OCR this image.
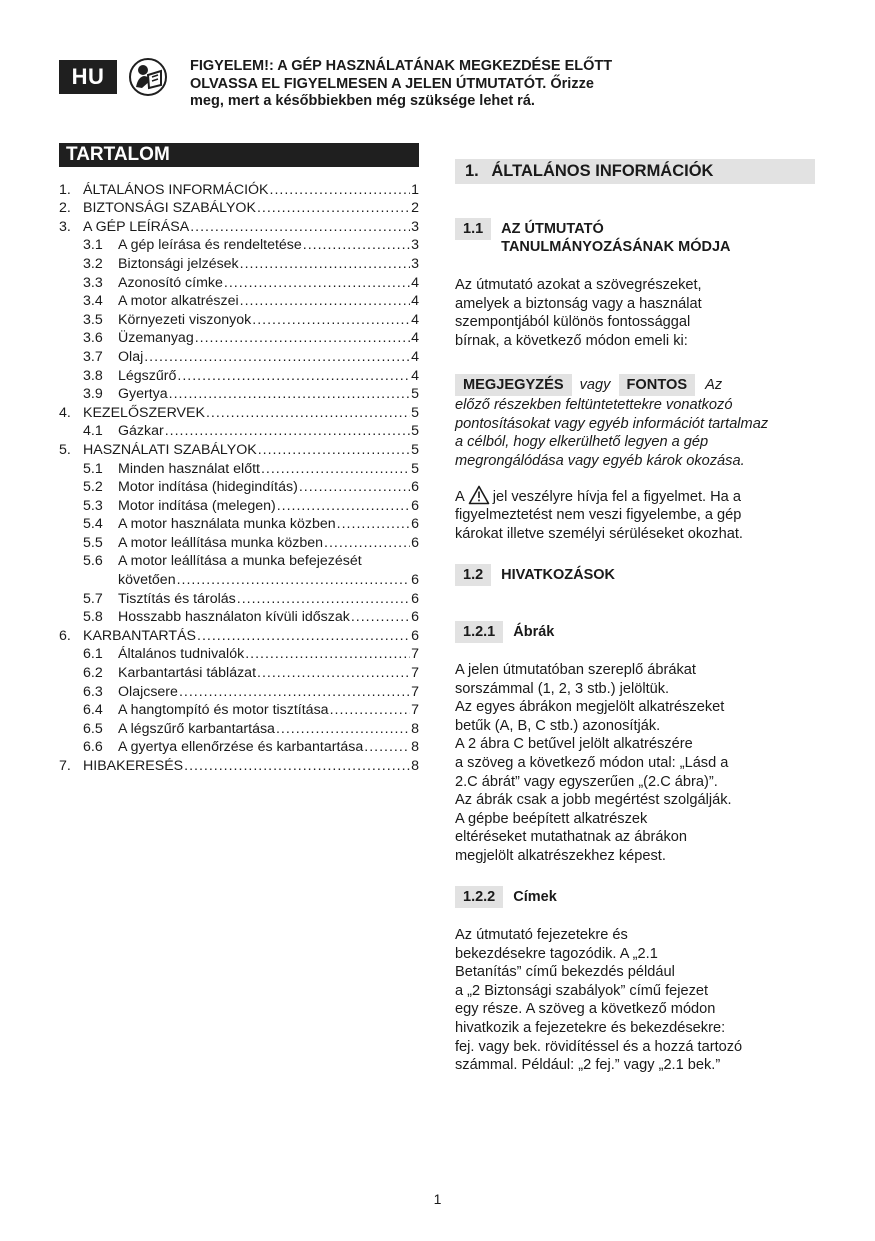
HU	FIGYELEM!: A GÉP HASZNÁLATÁNAK MEGKEZDÉSE ELŐTT
OLVASSA EL FIGYELMESEN A JELEN ÚTMUTATÓT. Őrizze
meg, mert a későbbiekben még szüksége lehet rá.
TARTALOM
1. ÁLTALÁNOS INFORMÁCIÓK .....	1
2. BIZTONSÁGI SZABÁLYOK .....	2
3. A GÉP LEÍRÁSA .....	3
3.1	A gép leírása és rendeltetése .....	3
3.2	Biztonsági jelzések .....	3
3.3	Azonosító címke .....	4
3.4	A motor alkatrészei .....	4
3.5	Környezeti viszonyok .....	4
3.6	Üzemanyag .....	4
3.7	Olaj .....	4
3.8	Légszűrő .....	4
3.9	Gyertya .....	5
4. KEZELŐSZERVEK .....	5
4.1	Gázkar .....	5
5. HASZNÁLATI SZABÁLYOK .....	5
5.1	Minden használat előtt .....	5
5.2	Motor indítása (hidegindítás) .....	6
5.3	Motor indítása (melegen) .....	6
5.4	A motor használata munka közben .....	6
5.5	A motor leállítása munka közben .....	6
5.6	A motor leállítása a munka befejezését
követően .....	6
5.7	Tisztítás és tárolás .....	6
5.8	Hosszabb használaton kívüli időszak .....	6
6. KARBANTARTÁS .....	6
6.1	Általános tudnivalók .....	7
6.2	Karbantartási táblázat .....	7
6.3	Olajcsere .....	7
6.4	A hangtompító és motor tisztítása .....	7
6.5	A légszűrő karbantartása .....	8
6.6	A gyertya ellenőrzése és karbantartása .....	8
7. HIBAKERESÉS .....	8
1. ÁLTALÁNOS INFORMÁCIÓK
1.1	AZ ÚTMUTATÓ
TANULMÁNYOZÁSÁNAK MÓDJA
Az útmutató azokat a szövegrészeket,
amelyek a biztonság vagy a használat
szempontjából különös fontossággal
bírnak, a következő módon emeli ki:
MEGJEGYZÉS vagy FONTOS Az
előző részekben feltüntetettekre vonatkozó
pontosításokat vagy egyéb információt tartalmaz
a célból, hogy elkerülhető legyen a gép
megrongálódása vagy egyéb károk okozása.
A jel veszélyre hívja fel a figyelmet. Ha a
figyelmeztetést nem veszi figyelembe, a gép
károkat illetve személyi sérüléseket okozhat.
1.2 HIVATKOZÁSOK
1.2.1 Ábrák
A jelen útmutatóban szereplő ábrákat
sorszámmal (1, 2, 3 stb.) jelöltük.
Az egyes ábrákon megjelölt alkatrészeket
betűk (A, B, C stb.) azonosítják.
A 2 ábra C betűvel jelölt alkatrészére
a szöveg a következő módon utal: „Lásd a
2.C ábrát” vagy egyszerűen „(2.C ábra)”.
Az ábrák csak a jobb megértést szolgálják.
A gépbe beépített alkatrészek
eltéréseket mutathatnak az ábrákon
megjelölt alkatrészekhez képest.
1.2.2 Címek
Az útmutató fejezetekre és
bekezdésekre tagozódik. A „2.1
Betanítás” című bekezdés például
a „2 Biztonsági szabályok” című fejezet
egy része. A szöveg a következő módon
hivatkozik a fejezetekre és bekezdésekre:
fej. vagy bek. rövidítéssel és a hozzá tartozó
számmal. Például: „2 fej.” vagy „2.1 bek.”
1
